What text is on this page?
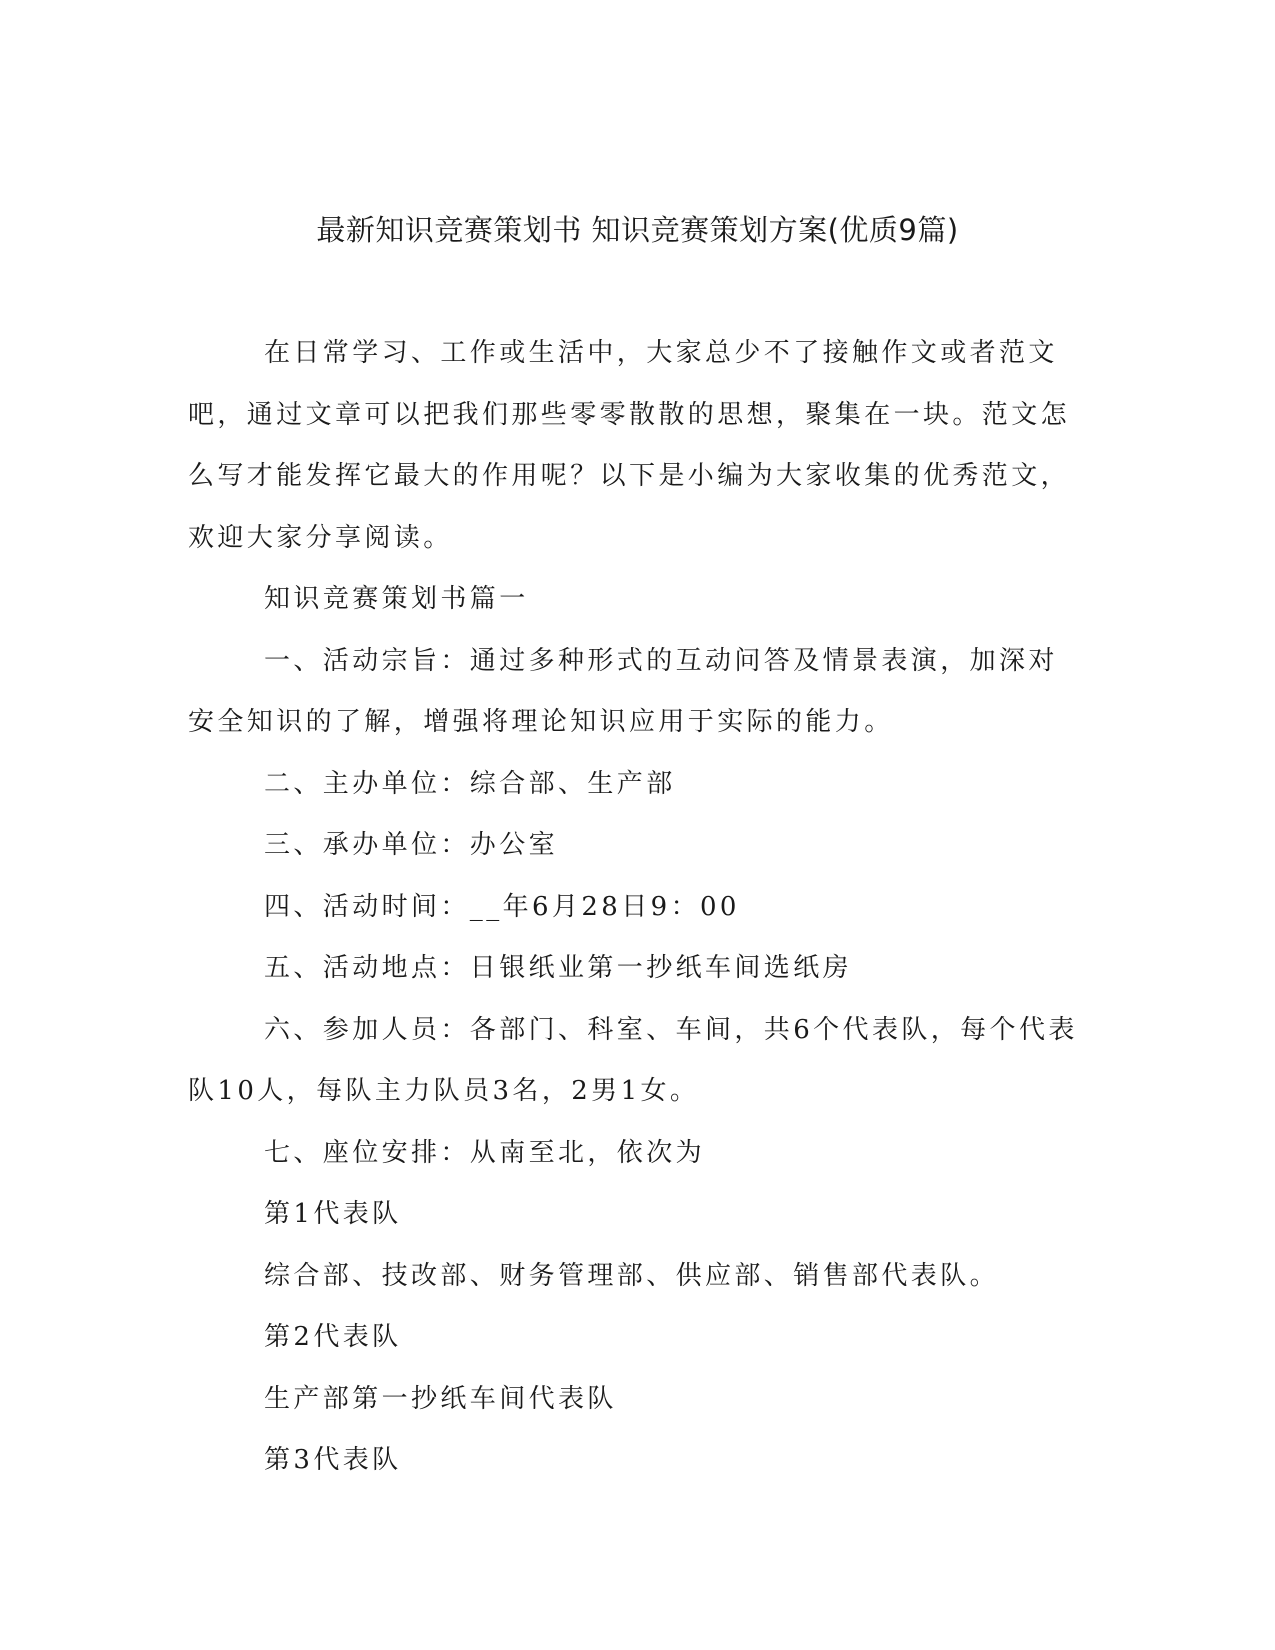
最新知识竞赛策划书 知识竞赛策划方案(优质9篇)

在日常学习、工作或生活中，大家总少不了接触作文或者范文吧，通过文章可以把我们那些零零散散的思想，聚集在一块。范文怎么写才能发挥它最大的作用呢？以下是小编为大家收集的优秀范文，欢迎大家分享阅读。

知识竞赛策划书篇一

一、活动宗旨：通过多种形式的互动问答及情景表演，加深对安全知识的了解，增强将理论知识应用于实际的能力。

二、主办单位：综合部、生产部

三、承办单位：办公室

四、活动时间：__年6月28日9：00

五、活动地点：日银纸业第一抄纸车间选纸房

六、参加人员：各部门、科室、车间，共6个代表队，每个代表队10人，每队主力队员3名，2男1女。

七、座位安排：从南至北，依次为

第1代表队

综合部、技改部、财务管理部、供应部、销售部代表队。

第2代表队

生产部第一抄纸车间代表队

第3代表队
